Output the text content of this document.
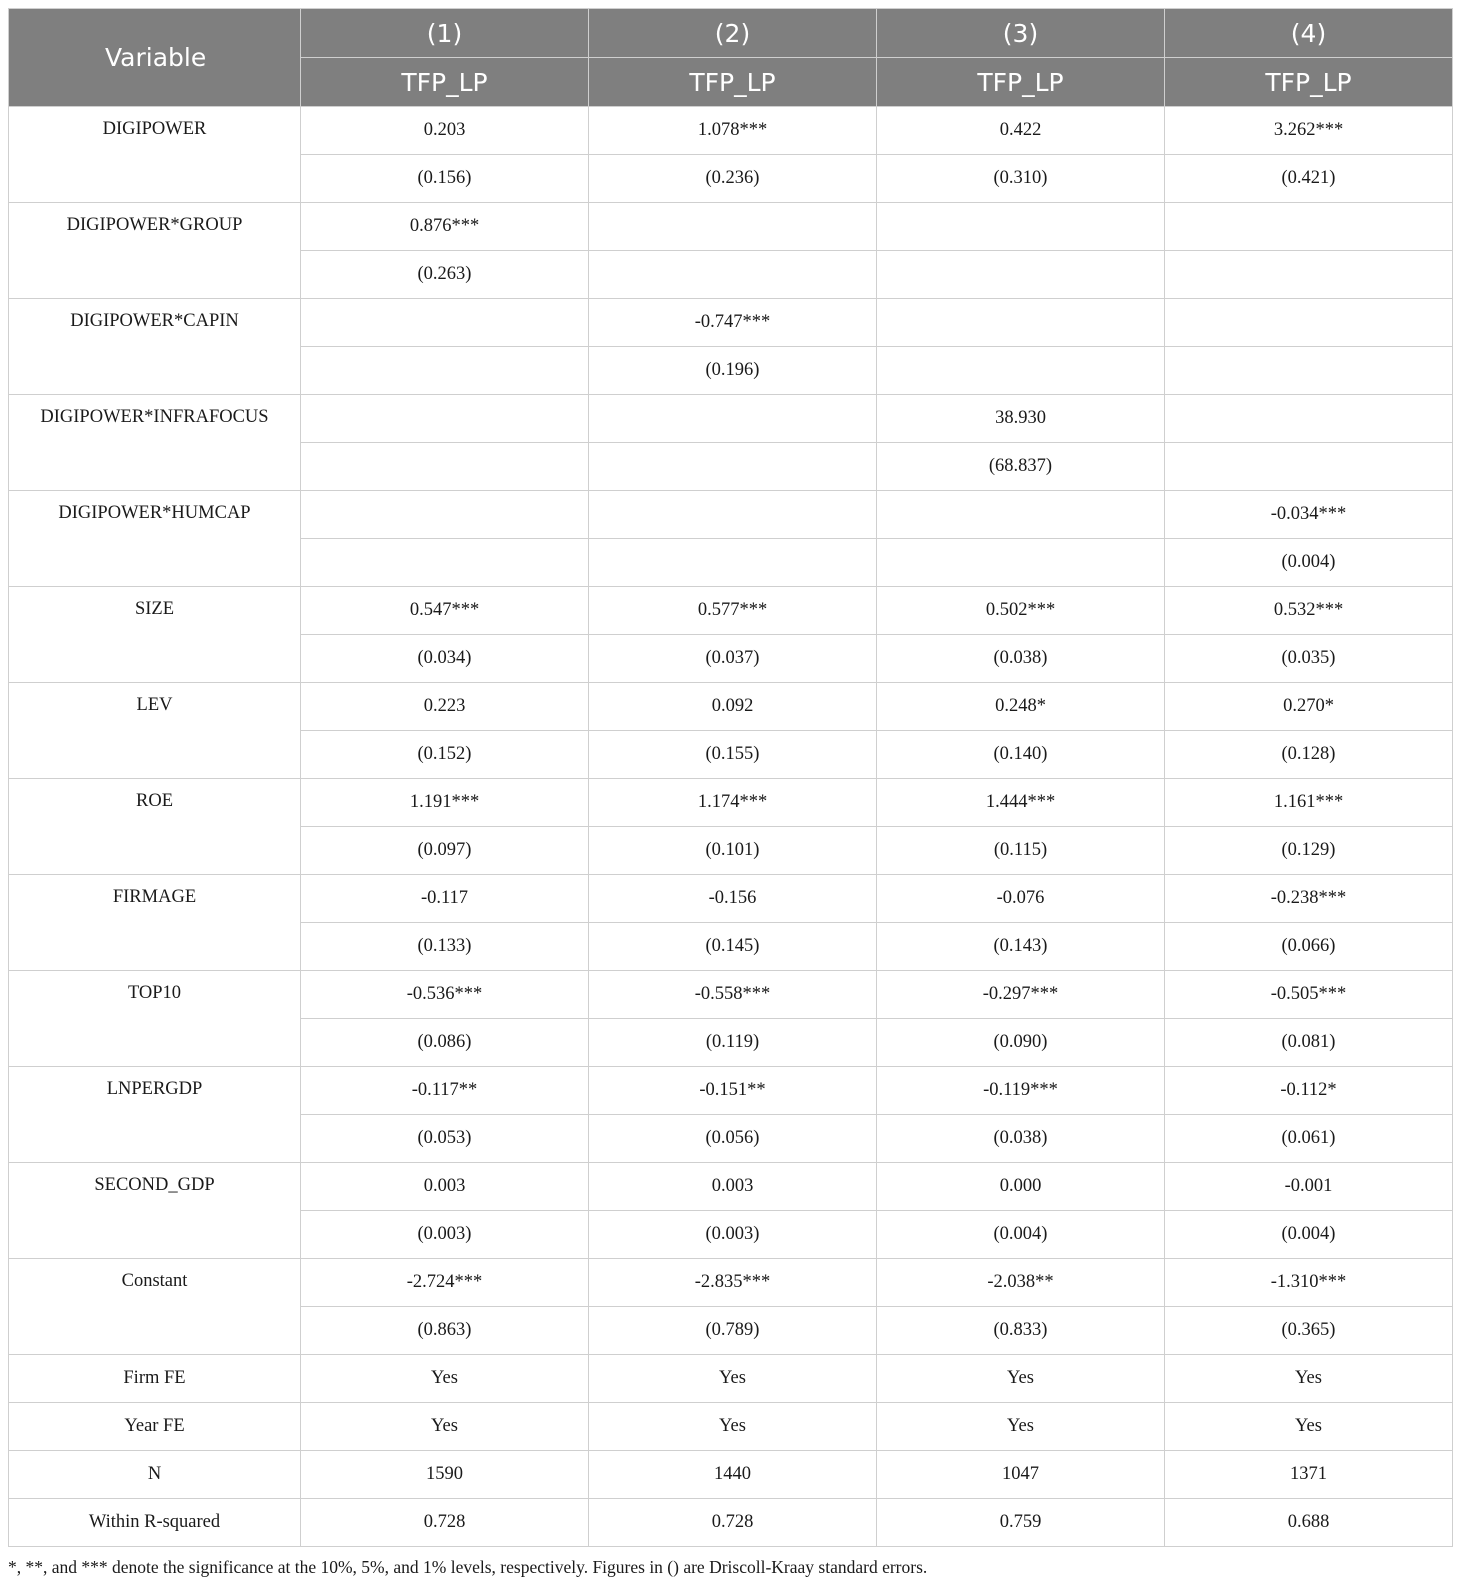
Variable	(1)	(2)	(3)	(4)
	TFP_LP	TFP_LP	TFP_LP	TFP_LP
DIGIPOWER	0.203	1.078***	0.422	3.262***
	(0.156)	(0.236)	(0.310)	(0.421)
DIGIPOWER*GROUP	0.876***			
	(0.263)			
DIGIPOWER*CAPIN		-0.747***		
		(0.196)		
DIGIPOWER*INFRAFOCUS			38.930	
			(68.837)	
DIGIPOWER*HUMCAP				-0.034***
				(0.004)
SIZE	0.547***	0.577***	0.502***	0.532***
	(0.034)	(0.037)	(0.038)	(0.035)
LEV	0.223	0.092	0.248*	0.270*
	(0.152)	(0.155)	(0.140)	(0.128)
ROE	1.191***	1.174***	1.444***	1.161***
	(0.097)	(0.101)	(0.115)	(0.129)
FIRMAGE	-0.117	-0.156	-0.076	-0.238***
	(0.133)	(0.145)	(0.143)	(0.066)
TOP10	-0.536***	-0.558***	-0.297***	-0.505***
	(0.086)	(0.119)	(0.090)	(0.081)
LNPERGDP	-0.117**	-0.151**	-0.119***	-0.112*
	(0.053)	(0.056)	(0.038)	(0.061)
SECOND_GDP	0.003	0.003	0.000	-0.001
	(0.003)	(0.003)	(0.004)	(0.004)
Constant	-2.724***	-2.835***	-2.038**	-1.310***
	(0.863)	(0.789)	(0.833)	(0.365)
Firm FE	Yes	Yes	Yes	Yes
Year FE	Yes	Yes	Yes	Yes
N	1590	1440	1047	1371
Within R-squared	0.728	0.728	0.759	0.688
*, **, and *** denote the significance at the 10%, 5%, and 1% levels, respectively. Figures in () are Driscoll-Kraay standard errors.
